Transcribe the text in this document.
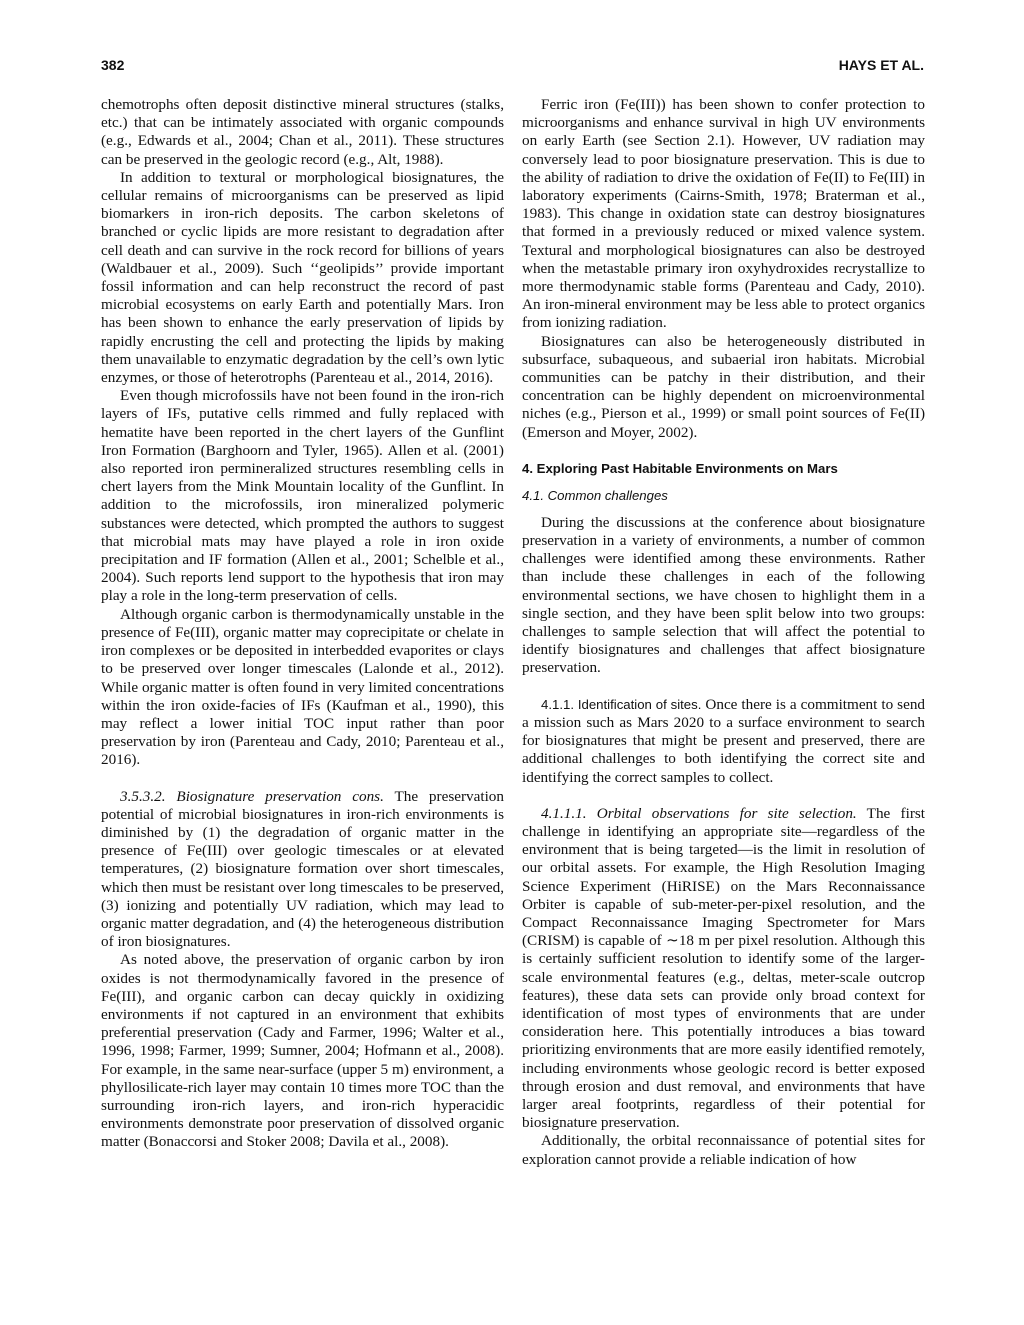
382	HAYS ET AL.

chemotrophs often deposit distinctive mineral structures (stalks, etc.) that can be intimately associated with organic compounds (e.g., Edwards et al., 2004; Chan et al., 2011). These structures can be preserved in the geologic record (e.g., Alt, 1988).

In addition to textural or morphological biosignatures, the cellular remains of microorganisms can be preserved as lipid biomarkers in iron-rich deposits. The carbon skeletons of branched or cyclic lipids are more resistant to degradation after cell death and can survive in the rock record for billions of years (Waldbauer et al., 2009). Such ‘‘geolipids’’ provide important fossil information and can help reconstruct the record of past microbial ecosystems on early Earth and potentially Mars. Iron has been shown to enhance the early preservation of lipids by rapidly encrusting the cell and protecting the lipids by making them unavailable to enzymatic degradation by the cell’s own lytic enzymes, or those of heterotrophs (Parenteau et al., 2014, 2016).

Even though microfossils have not been found in the iron-rich layers of IFs, putative cells rimmed and fully replaced with hematite have been reported in the chert layers of the Gunflint Iron Formation (Barghoorn and Tyler, 1965). Allen et al. (2001) also reported iron permineralized structures resembling cells in chert layers from the Mink Mountain locality of the Gunflint. In addition to the microfossils, iron mineralized polymeric substances were detected, which prompted the authors to suggest that microbial mats may have played a role in iron oxide precipitation and IF formation (Allen et al., 2001; Schelble et al., 2004). Such reports lend support to the hypothesis that iron may play a role in the long-term preservation of cells.

Although organic carbon is thermodynamically unstable in the presence of Fe(III), organic matter may coprecipitate or chelate in iron complexes or be deposited in interbedded evaporites or clays to be preserved over longer timescales (Lalonde et al., 2012). While organic matter is often found in very limited concentrations within the iron oxide-facies of IFs (Kaufman et al., 1990), this may reflect a lower initial TOC input rather than poor preservation by iron (Parenteau and Cady, 2010; Parenteau et al., 2016).

3.5.3.2. Biosignature preservation cons. The preservation potential of microbial biosignatures in iron-rich environments is diminished by (1) the degradation of organic matter in the presence of Fe(III) over geologic timescales or at elevated temperatures, (2) biosignature formation over short timescales, which then must be resistant over long timescales to be preserved, (3) ionizing and potentially UV radiation, which may lead to organic matter degradation, and (4) the heterogeneous distribution of iron biosignatures.

As noted above, the preservation of organic carbon by iron oxides is not thermodynamically favored in the presence of Fe(III), and organic carbon can decay quickly in oxidizing environments if not captured in an environment that exhibits preferential preservation (Cady and Farmer, 1996; Walter et al., 1996, 1998; Farmer, 1999; Sumner, 2004; Hofmann et al., 2008). For example, in the same near-surface (upper 5 m) environment, a phyllosilicate-rich layer may contain 10 times more TOC than the surrounding iron-rich layers, and iron-rich hyperacidic environments demonstrate poor preservation of dissolved organic matter (Bonaccorsi and Stoker 2008; Davila et al., 2008).

Ferric iron (Fe(III)) has been shown to confer protection to microorganisms and enhance survival in high UV environments on early Earth (see Section 2.1). However, UV radiation may conversely lead to poor biosignature preservation. This is due to the ability of radiation to drive the oxidation of Fe(II) to Fe(III) in laboratory experiments (Cairns-Smith, 1978; Braterman et al., 1983). This change in oxidation state can destroy biosignatures that formed in a previously reduced or mixed valence system. Textural and morphological biosignatures can also be destroyed when the metastable primary iron oxyhydroxides recrystallize to more thermodynamic stable forms (Parenteau and Cady, 2010). An iron-mineral environment may be less able to protect organics from ionizing radiation.

Biosignatures can also be heterogeneously distributed in subsurface, subaqueous, and subaerial iron habitats. Microbial communities can be patchy in their distribution, and their concentration can be highly dependent on microenvironmental niches (e.g., Pierson et al., 1999) or small point sources of Fe(II) (Emerson and Moyer, 2002).

4. Exploring Past Habitable Environments on Mars

4.1. Common challenges

During the discussions at the conference about biosignature preservation in a variety of environments, a number of common challenges were identified among these environments. Rather than include these challenges in each of the following environmental sections, we have chosen to highlight them in a single section, and they have been split below into two groups: challenges to sample selection that will affect the potential to identify biosignatures and challenges that affect biosignature preservation.

4.1.1. Identification of sites. Once there is a commitment to send a mission such as Mars 2020 to a surface environment to search for biosignatures that might be present and preserved, there are additional challenges to both identifying the correct site and identifying the correct samples to collect.

4.1.1.1. Orbital observations for site selection. The first challenge in identifying an appropriate site—regardless of the environment that is being targeted—is the limit in resolution of our orbital assets. For example, the High Resolution Imaging Science Experiment (HiRISE) on the Mars Reconnaissance Orbiter is capable of sub-meter-per-pixel resolution, and the Compact Reconnaissance Imaging Spectrometer for Mars (CRISM) is capable of ∼18 m per pixel resolution. Although this is certainly sufficient resolution to identify some of the larger-scale environmental features (e.g., deltas, meter-scale outcrop features), these data sets can provide only broad context for identification of most types of environments that are under consideration here. This potentially introduces a bias toward prioritizing environments that are more easily identified remotely, including environments whose geologic record is better exposed through erosion and dust removal, and environments that have larger areal footprints, regardless of their potential for biosignature preservation.

Additionally, the orbital reconnaissance of potential sites for exploration cannot provide a reliable indication of how
